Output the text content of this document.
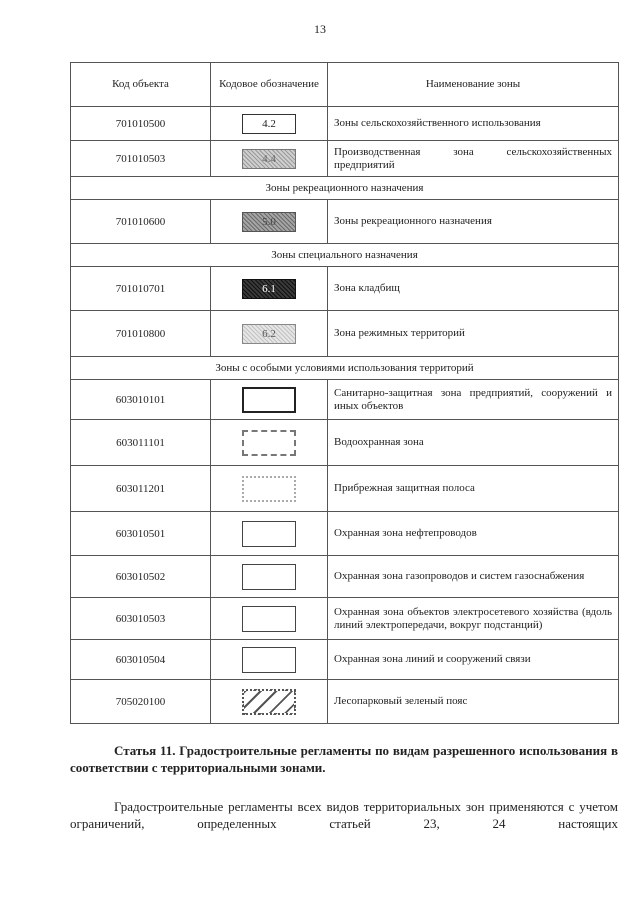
13
Код объекта	Кодовое обозначение	Наименование зоны
701010500	4.2	Зоны сельскохозяйственного использования
701010503	4.4	Производственная зона сельскохозяйственных предприятий
Зоны рекреационного назначения		
701010600	5.0	Зоны рекреационного назначения
Зоны специального назначения		
701010701	6.1	Зона кладбищ
701010800	6.2	Зона режимных территорий
Зоны с особыми условиями использования территорий		
603010101		Санитарно-защитная зона предприятий, сооружений и иных объектов
603011101		Водоохранная зона
603011201		Прибрежная защитная полоса
603010501		Охранная зона нефтепроводов
603010502		Охранная зона газопроводов и систем газоснабжения
603010503		Охранная зона объектов электросетевого хозяйства (вдоль линий электропередачи, вокруг подстанций)
603010504		Охранная зона линий и сооружений связи
705020100		Лесопарковый зеленый пояс
Статья 11. Градостроительные регламенты по видам разрешенного использования в соответствии с территориальными зонами.
Градостроительные регламенты всех видов территориальных зон применяются с учетом ограничений, определенных статьей 23, 24 настоящих
